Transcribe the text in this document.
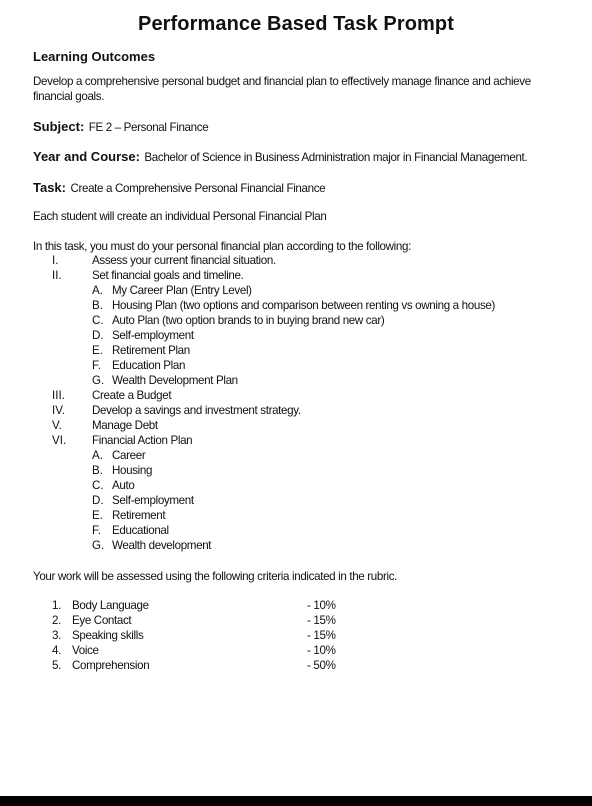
Performance Based Task Prompt
Learning Outcomes
Develop a comprehensive personal budget and financial plan to effectively manage finance and achieve
financial goals.
Subject: FE 2 – Personal Finance
Year and Course: Bachelor of Science in Business Administration major in Financial Management.
Task: Create a Comprehensive Personal Financial Finance
Each student will create an individual Personal Financial Plan
In this task, you must do your personal financial plan according to the following:
I.	Assess your current financial situation.
II.	Set financial goals and timeline.
A. My Career Plan (Entry Level)
B. Housing Plan (two options and comparison between renting vs owning a house)
C. Auto Plan (two option brands to in buying brand new car)
D. Self-employment
E. Retirement Plan
F. Education Plan
G. Wealth Development Plan
III. Create a Budget
IV. Develop a savings and investment strategy.
V.	Manage Debt
VI. Financial Action Plan
A. Career
B. Housing
C. Auto
D. Self-employment
E. Retirement
F. Educational
G. Wealth development
Your work will be assessed using the following criteria indicated in the rubric.
1. Body Language	- 10%
2. Eye Contact	- 15%
3. Speaking skills	- 15%
4. Voice	- 10%
5. Comprehension	- 50%
